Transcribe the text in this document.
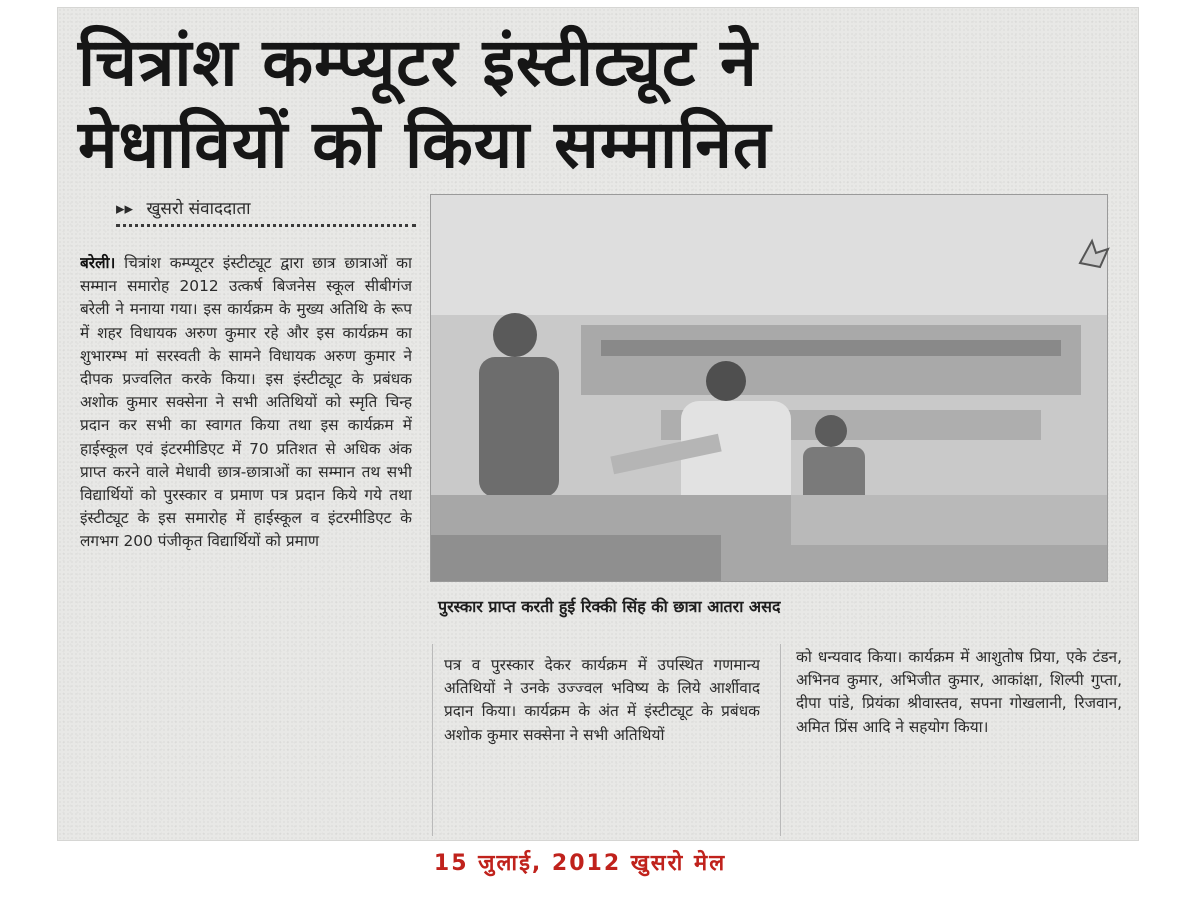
चित्रांश कम्प्यूटर इंस्टीट्यूट ने
मेधावियों को किया सम्मानित
▸▸ खुसरो संवाददाता

बरेली। चित्रांश कम्प्यूटर इंस्टीट्यूट द्वारा छात्र छात्राओं का सम्मान समारोह 2012 उत्कर्ष बिजनेस स्कूल सीबीगंज बरेली ने मनाया गया। इस कार्यक्रम के मुख्य अतिथि के रूप में शहर विधायक अरुण कुमार रहे और इस कार्यक्रम का शुभारम्भ मां सरस्वती के सामने विधायक अरुण कुमार ने दीपक प्रज्वलित करके किया। इस इंस्टीट्यूट के प्रबंधक अशोक कुमार सक्सेना ने सभी अतिथियों को स्मृति चिन्ह प्रदान कर सभी का स्वागत किया तथा इस कार्यक्रम में हाईस्कूल एवं इंटरमीडिएट में 70 प्रतिशत से अधिक अंक प्राप्त करने वाले मेधावी छात्र-छात्राओं का सम्मान तथ सभी विद्यार्थियों को पुरस्कार व प्रमाण पत्र प्रदान किये गये तथा इंस्टीट्यूट के इस समारोह में हाईस्कूल व इंटरमीडिएट के लगभग 200 पंजीकृत विद्यार्थियों को प्रमाण

पुरस्कार प्राप्त करती हुई रिक्की सिंह की छात्रा आतरा असद

पत्र व पुरस्कार देकर कार्यक्रम में उपस्थित गणमान्य अतिथियों ने उनके उज्ज्वल भविष्य के लिये आर्शीवाद प्रदान किया। कार्यक्रम के अंत में इंस्टीट्यूट के प्रबंधक अशोक कुमार सक्सेना ने सभी अतिथियों

को धन्यवाद किया। कार्यक्रम में आशुतोष प्रिया, एके टंडन, अभिनव कुमार, अभिजीत कुमार, आकांक्षा, शिल्पी गुप्ता, दीपा पांडे, प्रियंका श्रीवास्तव, सपना गोखलानी, रिजवान, अमित प्रिंस आदि ने सहयोग किया।

15 जुलाई, 2012 खुसरो मेल
